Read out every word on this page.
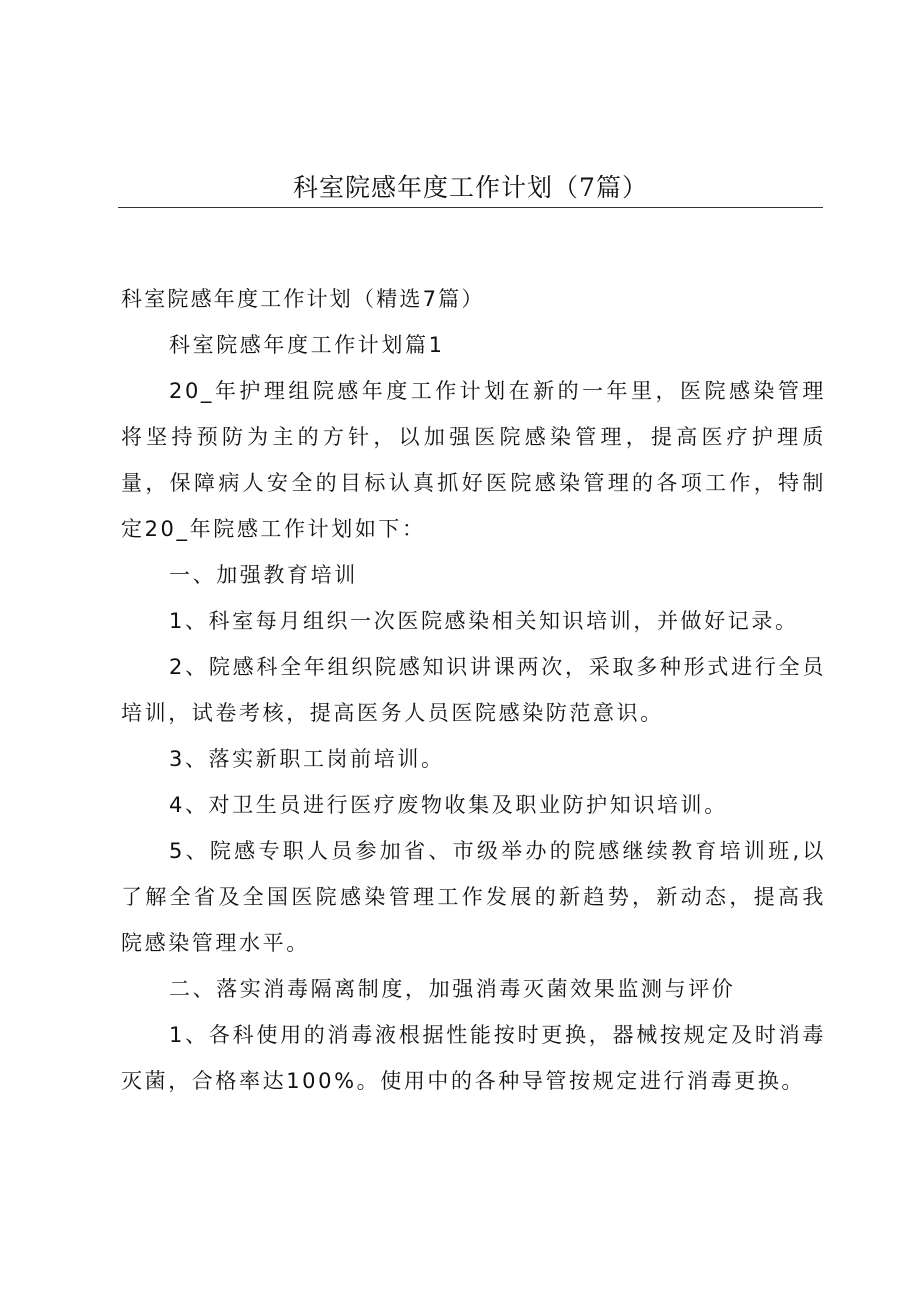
科室院感年度工作计划（7篇）

科室院感年度工作计划（精选7篇）

科室院感年度工作计划篇1

20_年护理组院感年度工作计划在新的一年里，医院感染管理将坚持预防为主的方针，以加强医院感染管理，提高医疗护理质量，保障病人安全的目标认真抓好医院感染管理的各项工作，特制定20_年院感工作计划如下：

一、加强教育培训

1、科室每月组织一次医院感染相关知识培训，并做好记录。

2、院感科全年组织院感知识讲课两次，采取多种形式进行全员培训，试卷考核，提高医务人员医院感染防范意识。

3、落实新职工岗前培训。

4、对卫生员进行医疗废物收集及职业防护知识培训。

5、院感专职人员参加省、市级举办的院感继续教育培训班,以了解全省及全国医院感染管理工作发展的新趋势，新动态，提高我院感染管理水平。

二、落实消毒隔离制度，加强消毒灭菌效果监测与评价

1、各科使用的消毒液根据性能按时更换，器械按规定及时消毒灭菌，合格率达100%。使用中的各种导管按规定进行消毒更换。
